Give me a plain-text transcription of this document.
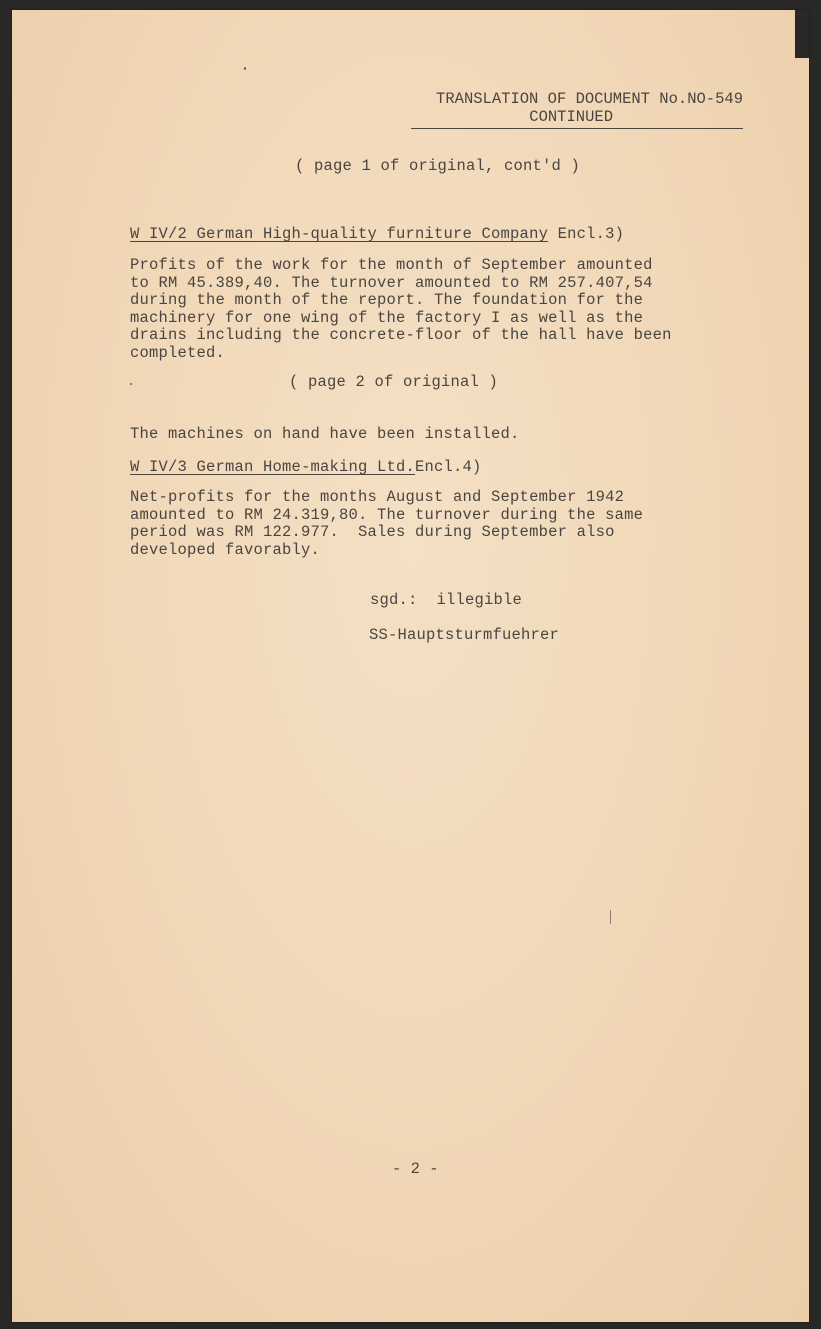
TRANSLATION OF DOCUMENT No.NO-549
CONTINUED
( page 1 of original, cont'd )
W IV/2 German High-quality furniture Company Encl.3)
Profits of the work for the month of September amounted
to RM 45.389,40. The turnover amounted to RM 257.407,54
during the month of the report. The foundation for the
machinery for one wing of the factory I as well as the
drains including the concrete-floor of the hall have been
completed.
( page 2 of original )
The machines on hand have been installed.
W IV/3 German Home-making Ltd.Encl.4)
Net-profits for the months August and September 1942
amounted to RM 24.319,80. The turnover during the same
period was RM 122.977.  Sales during September also
developed favorably.
sgd.:  illegible
SS-Hauptsturmfuehrer
- 2 -
